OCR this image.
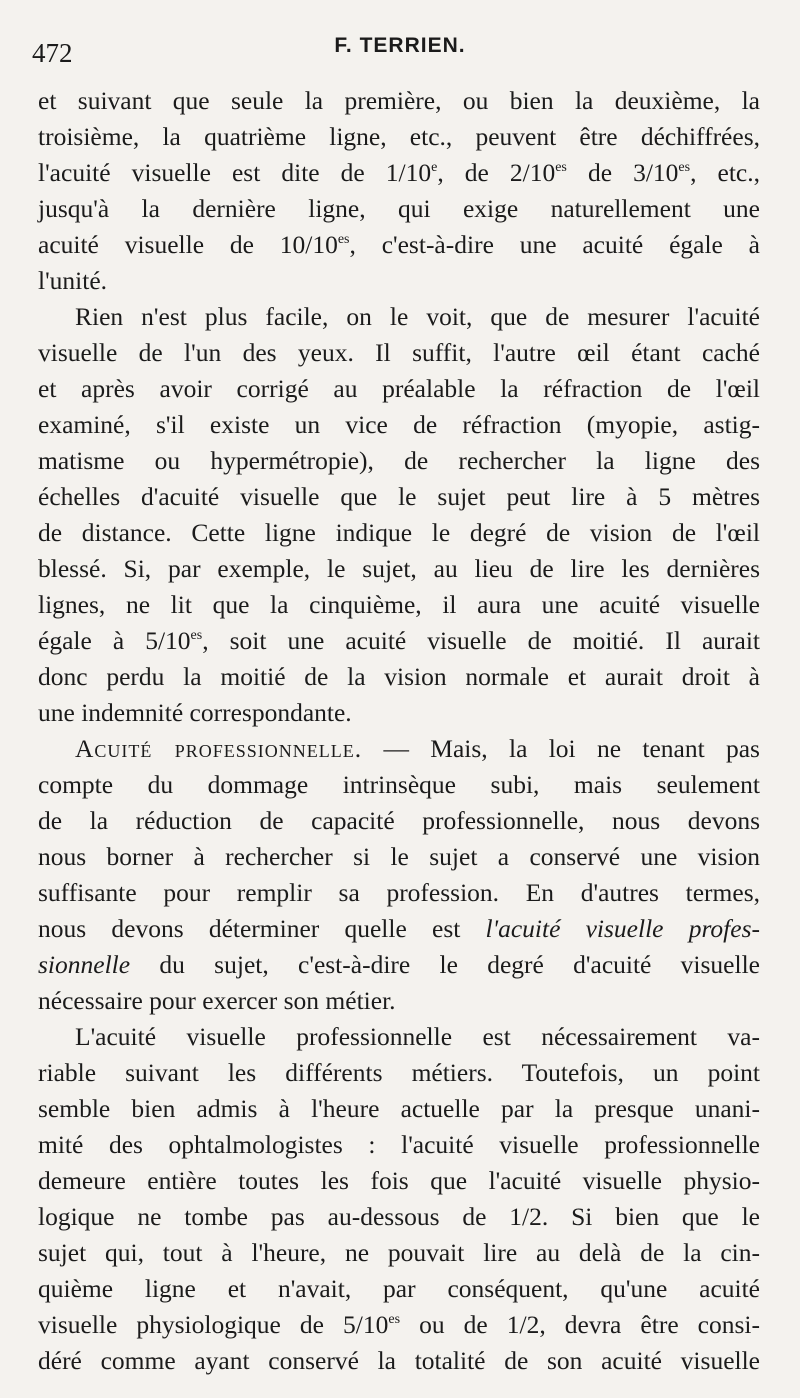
472	F. TERRIEN.
et suivant que seule la première, ou bien la deuxième, la
troisième, la quatrième ligne, etc., peuvent être déchiffrées,
l'acuité visuelle est dite de 1/10e, de $2/10^{es}$ de $3/10^{es}$, etc.,
jusqu'à la dernière ligne, qui exige naturellement une
acuité visuelle de $10/10^{es}$, c'est-à-dire une acuité égale à
l'unité.
Rien n'est plus facile, on le voit, que de mesurer l'acuité
visuelle de l'un des yeux. Il suffit, l'autre œil étant caché
et après avoir corrigé au préalable la réfraction de l'œil
examiné, s'il existe un vice de réfraction (myopie, astig-
matisme ou hypermétropie), de rechercher la ligne des
échelles d'acuité visuelle que le sujet peut lire à 5 mètres
de distance. Cette ligne indique le degré de vision de l'œil
blessé. Si, par exemple, le sujet, au lieu de lire les dernières
lignes, ne lit que la cinquième, il aura une acuité visuelle
égale à $5/10^{es}$, soit une acuité visuelle de moitié. Il aurait
donc perdu la moitié de la vision normale et aurait droit à
une indemnité correspondante.
Acuité professionnelle. — Mais, la loi ne tenant pas
compte du dommage intrinsèque subi, mais seulement
de la réduction de capacité professionnelle, nous devons
nous borner à rechercher si le sujet a conservé une vision
suffisante pour remplir sa profession. En d'autres termes,
nous devons déterminer quelle est l'acuité visuelle profes-
sionnelle du sujet, c'est-à-dire le degré d'acuité visuelle
nécessaire pour exercer son métier.
L'acuité visuelle professionnelle est nécessairement va-
riable suivant les différents métiers. Toutefois, un point
semble bien admis à l'heure actuelle par la presque unani-
mité des ophtalmologistes : l'acuité visuelle professionnelle
demeure entière toutes les fois que l'acuité visuelle physio-
logique ne tombe pas au-dessous de 1/2. Si bien que le
sujet qui, tout à l'heure, ne pouvait lire au delà de la cin-
quième ligne et n'avait, par conséquent, qu'une acuité
visuelle physiologique de $5/10^{es}$ ou de 1/2, devra être consi-
déré comme ayant conservé la totalité de son acuité visuelle
